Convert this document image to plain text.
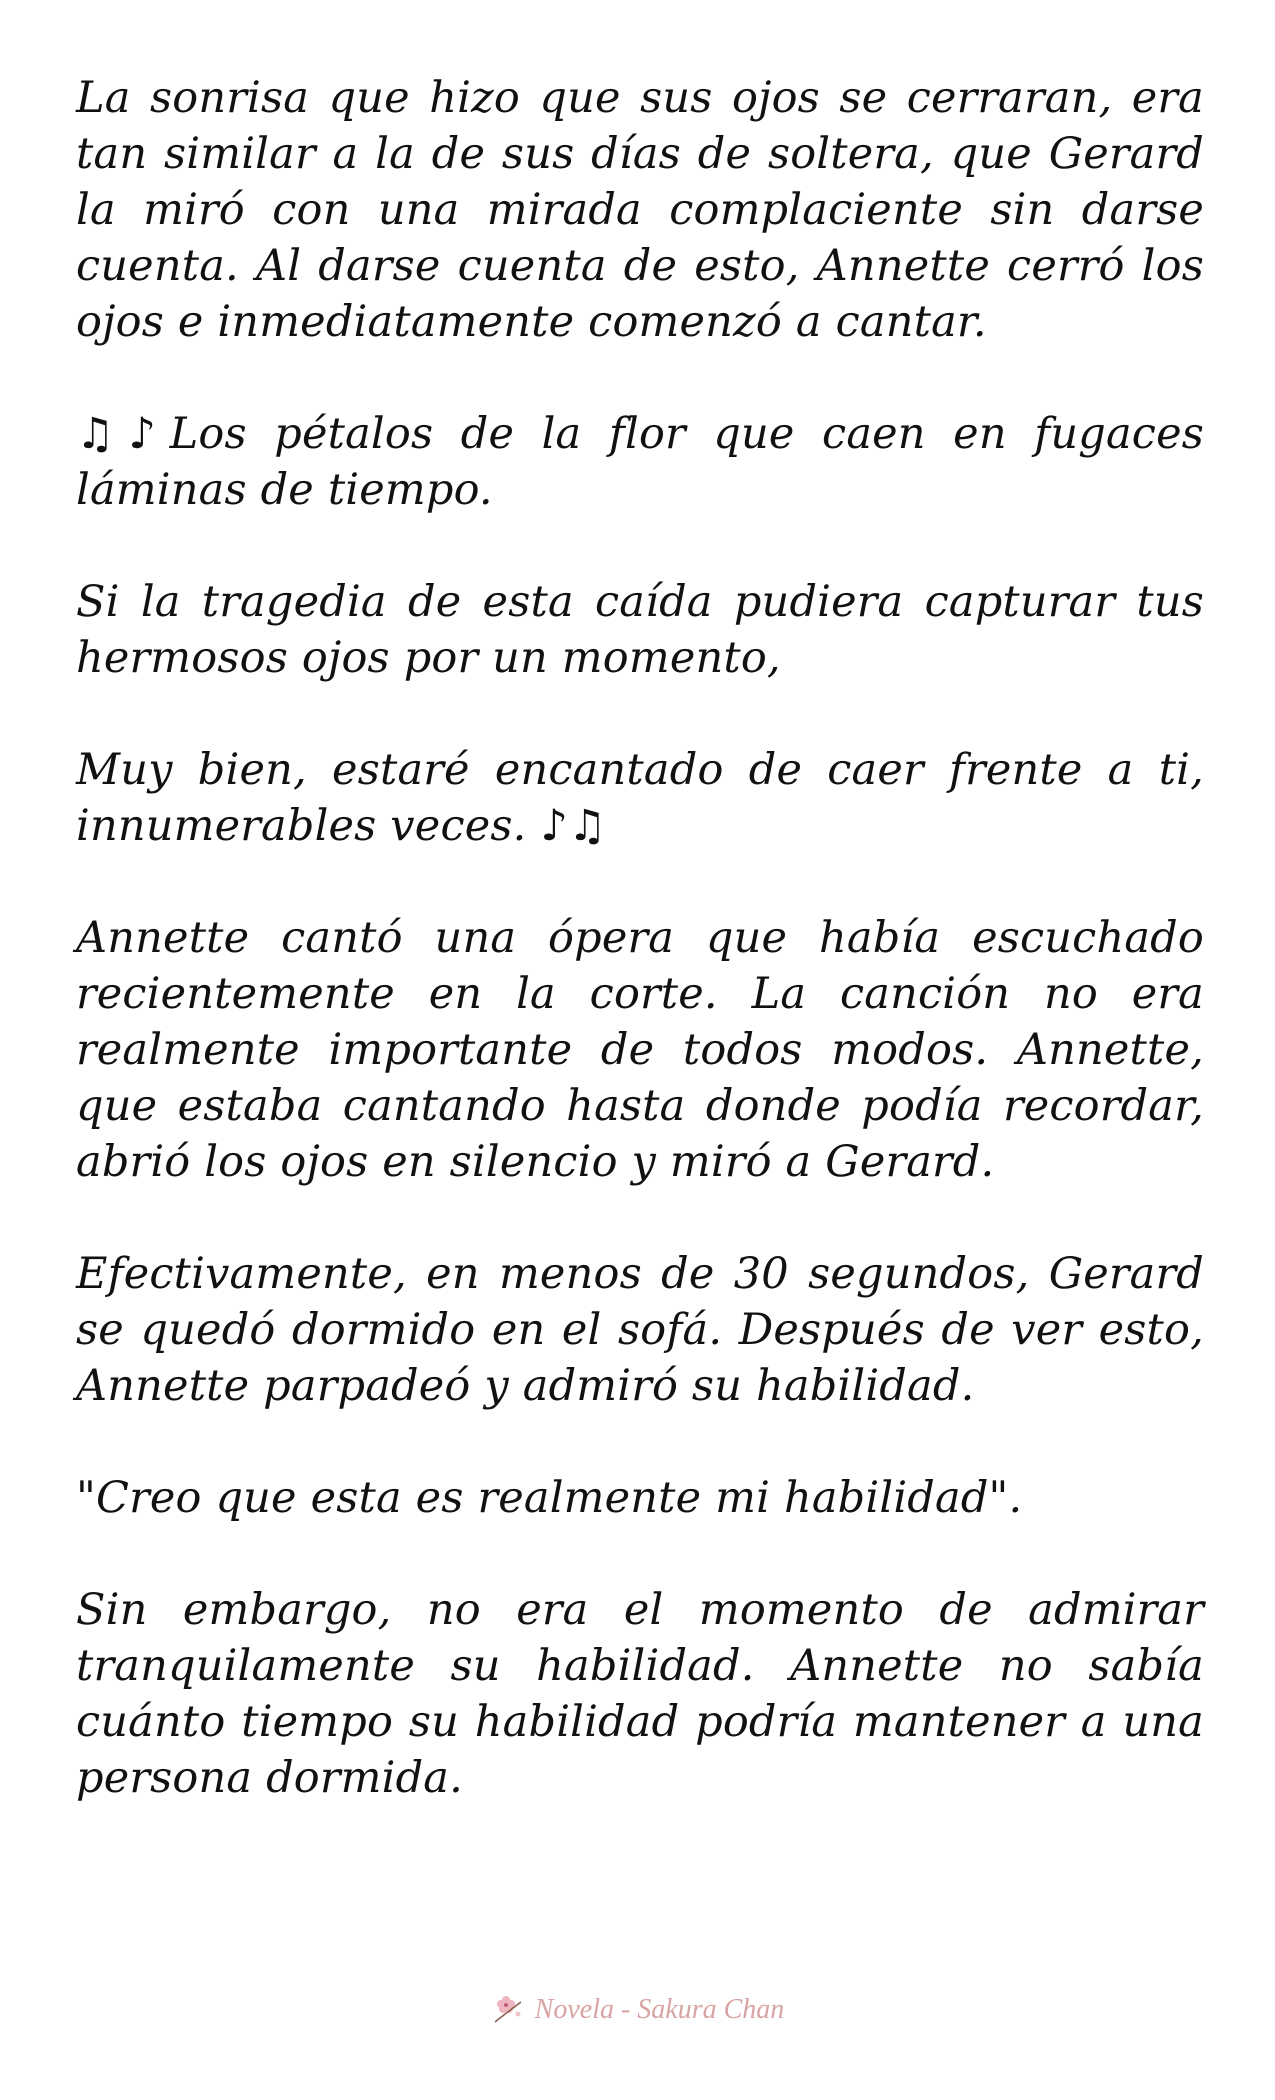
La sonrisa que hizo que sus ojos se cerraran, era tan similar a la de sus días de soltera, que Gerard la miró con una mirada complaciente sin darse cuenta. Al darse cuenta de esto, Annette cerró los ojos e inmediatamente comenzó a cantar.

♫♪Los pétalos de la flor que caen en fugaces láminas de tiempo.

Si la tragedia de esta caída pudiera capturar tus hermosos ojos por un momento,

Muy bien, estaré encantado de caer frente a ti, innumerables veces. ♪♫

Annette cantó una ópera que había escuchado recientemente en la corte. La canción no era realmente importante de todos modos. Annette, que estaba cantando hasta donde podía recordar, abrió los ojos en silencio y miró a Gerard.

Efectivamente, en menos de 30 segundos, Gerard se quedó dormido en el sofá. Después de ver esto, Annette parpadeó y admiró su habilidad.

"Creo que esta es realmente mi habilidad".

Sin embargo, no era el momento de admirar tranquilamente su habilidad. Annette no sabía cuánto tiempo su habilidad podría mantener a una persona dormida.

Novela - Sakura Chan
